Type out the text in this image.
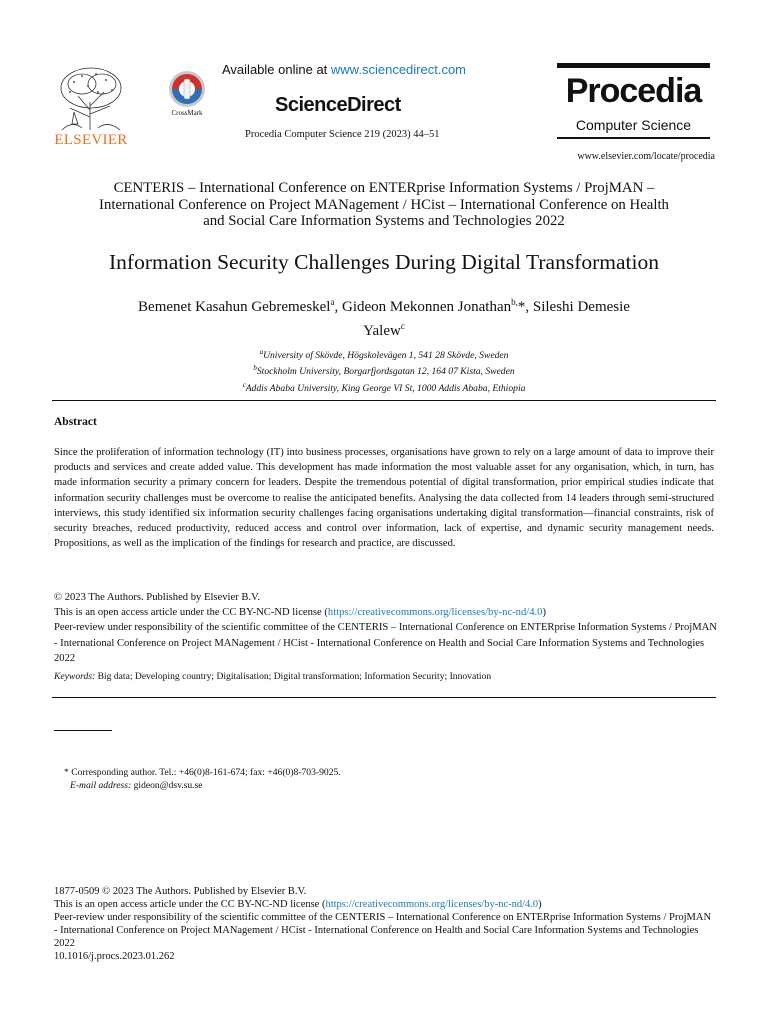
ELSEVIER
CrossMark
Available online at www.sciencedirect.com
ScienceDirect
Procedia Computer Science 219 (2023) 44–51
Procedia
Computer Science
www.elsevier.com/locate/procedia
CENTERIS – International Conference on ENTERprise Information Systems / ProjMAN –
International Conference on Project MANagement / HCist – International Conference on Health
and Social Care Information Systems and Technologies 2022
Information Security Challenges During Digital Transformation
Bemenet Kasahun Gebremeskel$^a$, Gideon Mekonnen Jonathan$^{b,}$*, Sileshi Demesie
Yalew$^c$
$^a$University of Skövde, Högskolevägen 1, 541 28 Skövde, Sweden
$^b$Stockholm University, Borgarfjordsgatan 12, 164 07 Kista, Sweden
$^c$Addis Ababa University, King George VI St, 1000 Addis Ababa, Ethiopia
Abstract
Since the proliferation of information technology (IT) into business processes, organisations have grown to rely on a large amount of data to improve their products and services and create added value. This development has made information the most valuable asset for any organisation, which, in turn, has made information security a primary concern for leaders. Despite the tremendous potential of digital transformation, prior empirical studies indicate that information security challenges must be overcome to realise the anticipated benefits. Analysing the data collected from 14 leaders through semi-structured interviews, this study identified six information security challenges facing organisations undertaking digital transformation—financial constraints, risk of security breaches, reduced productivity, reduced access and control over information, lack of expertise, and dynamic security management needs. Propositions, as well as the implication of the findings for research and practice, are discussed.
© 2023 The Authors. Published by Elsevier B.V.
This is an open access article under the CC BY-NC-ND license (https://creativecommons.org/licenses/by-nc-nd/4.0)
Peer-review under responsibility of the scientific committee of the CENTERIS – International Conference on ENTERprise Information Systems / ProjMAN - International Conference on Project MANagement / HCist - International Conference on Health and Social Care Information Systems and Technologies 2022
Keywords: Big data; Developing country; Digitalisation; Digital transformation; Information Security; Innovation
* Corresponding author. Tel.: +46(0)8-161-674; fax: +46(0)8-703-9025.
E-mail address: gideon@dsv.su.se
1877-0509 © 2023 The Authors. Published by Elsevier B.V.
This is an open access article under the CC BY-NC-ND license (https://creativecommons.org/licenses/by-nc-nd/4.0)
Peer-review under responsibility of the scientific committee of the CENTERIS – International Conference on ENTERprise Information Systems / ProjMAN - International Conference on Project MANagement / HCist - International Conference on Health and Social Care Information Systems and Technologies 2022
10.1016/j.procs.2023.01.262
